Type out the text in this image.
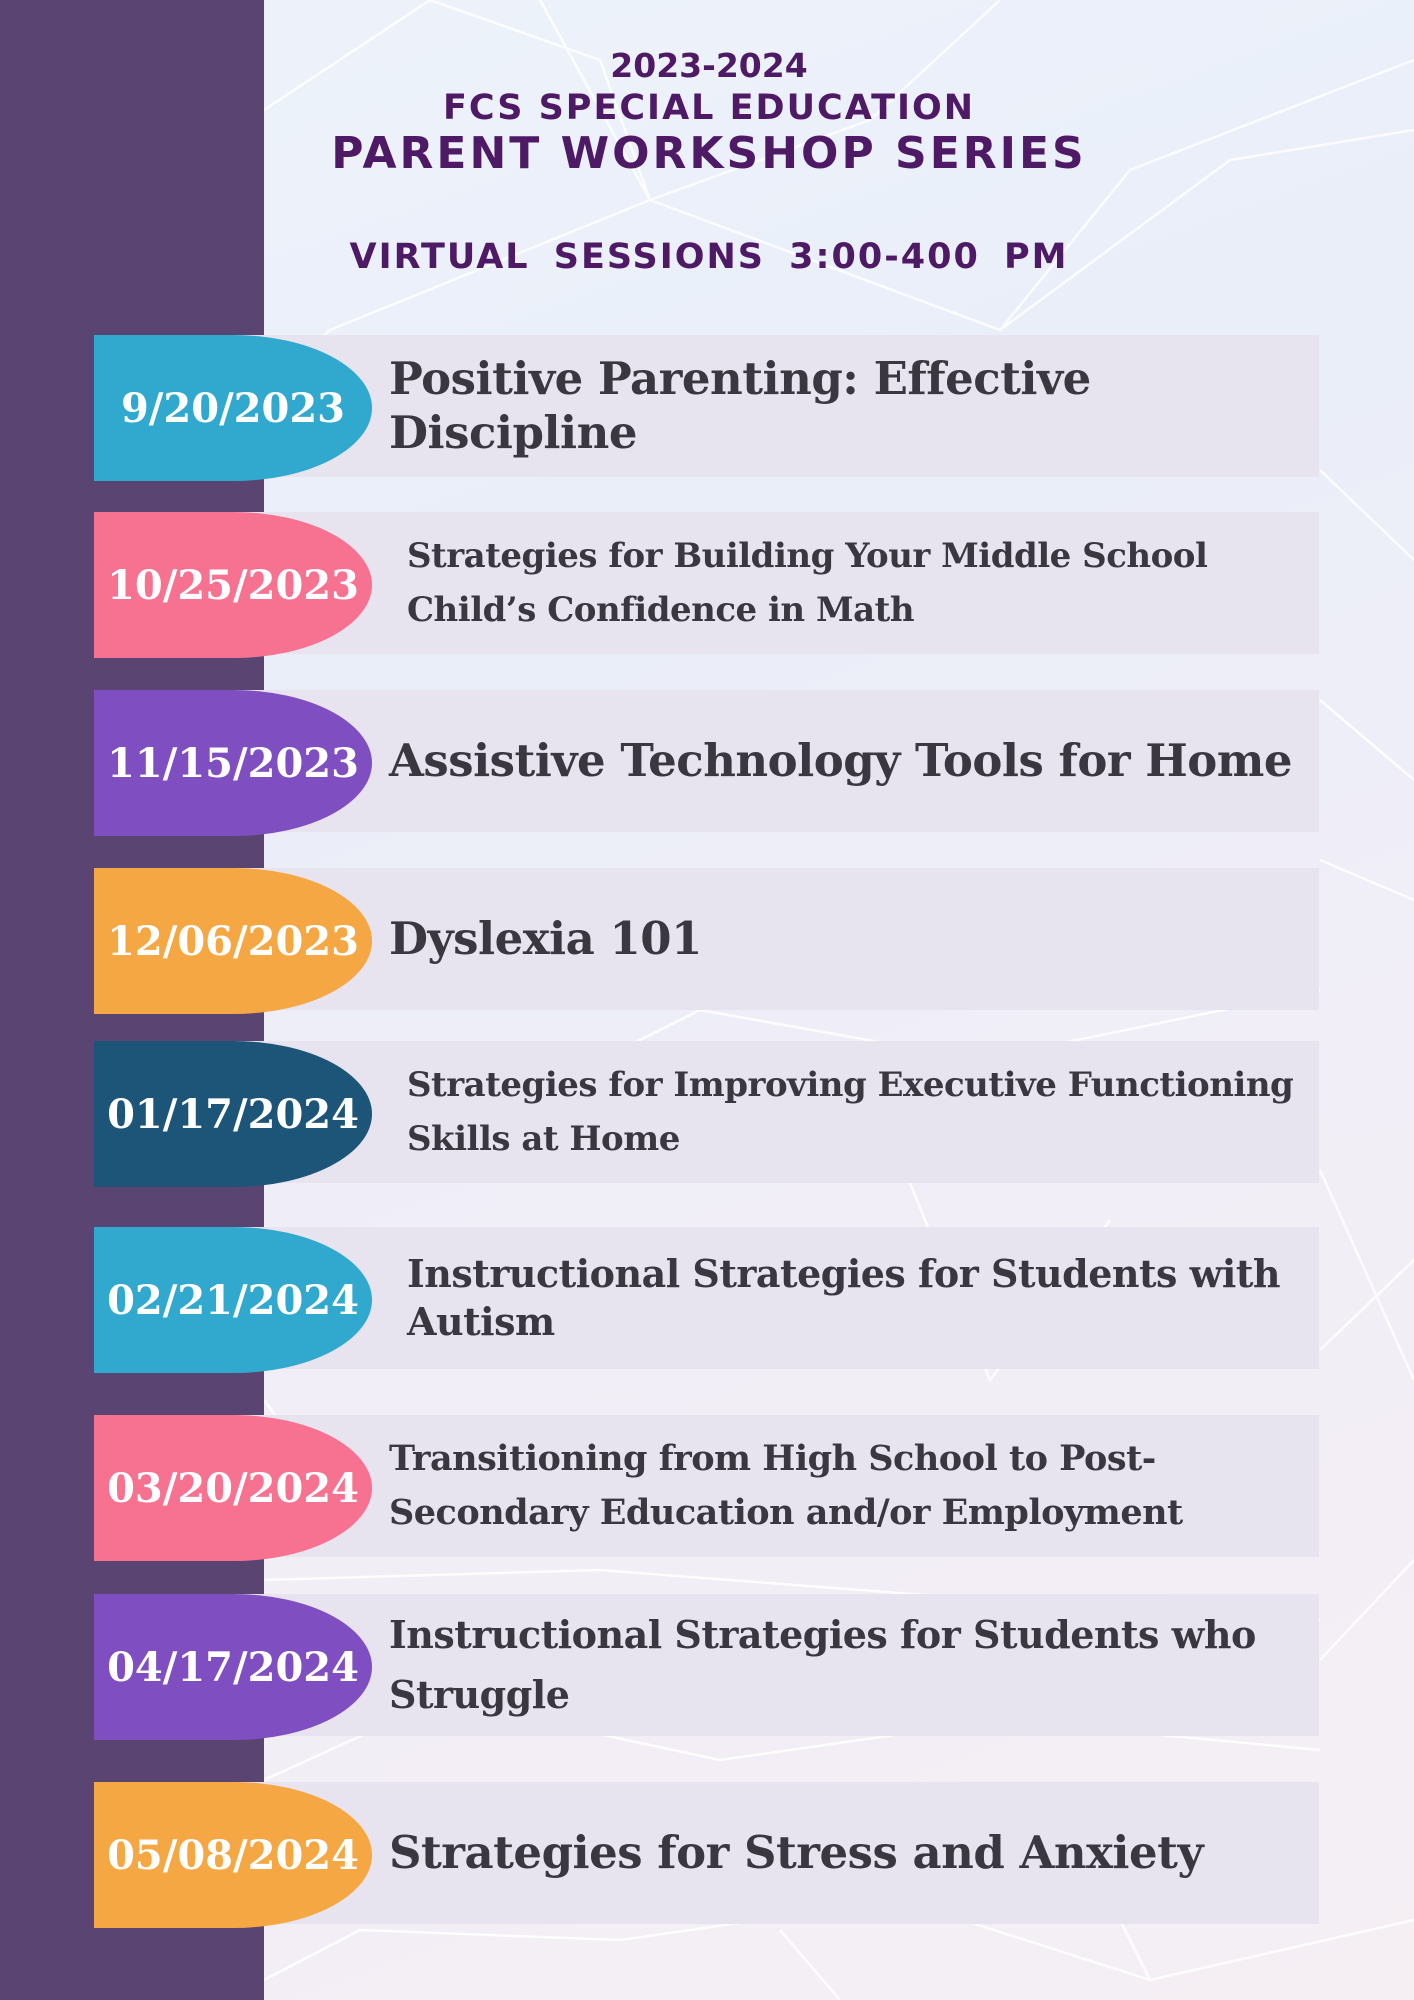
2023-2024
FCS SPECIAL EDUCATION
PARENT WORKSHOP SERIES
VIRTUAL SESSIONS 3:00-400 PM
9/20/2023
Positive Parenting: Effective Discipline
10/25/2023
Strategies for Building Your Middle School Child’s Confidence in Math
11/15/2023 Assistive Technology Tools for Home
12/06/2023 Dyslexia 101
01/17/2024
Strategies for Improving Executive Functioning Skills at Home
02/21/2024
Instructional Strategies for Students with Autism
03/20/2024
Transitioning from High School to Post-Secondary Education and/or Employment
04/17/2024
Instructional Strategies for Students who Struggle
05/08/2024 Strategies for Stress and Anxiety
